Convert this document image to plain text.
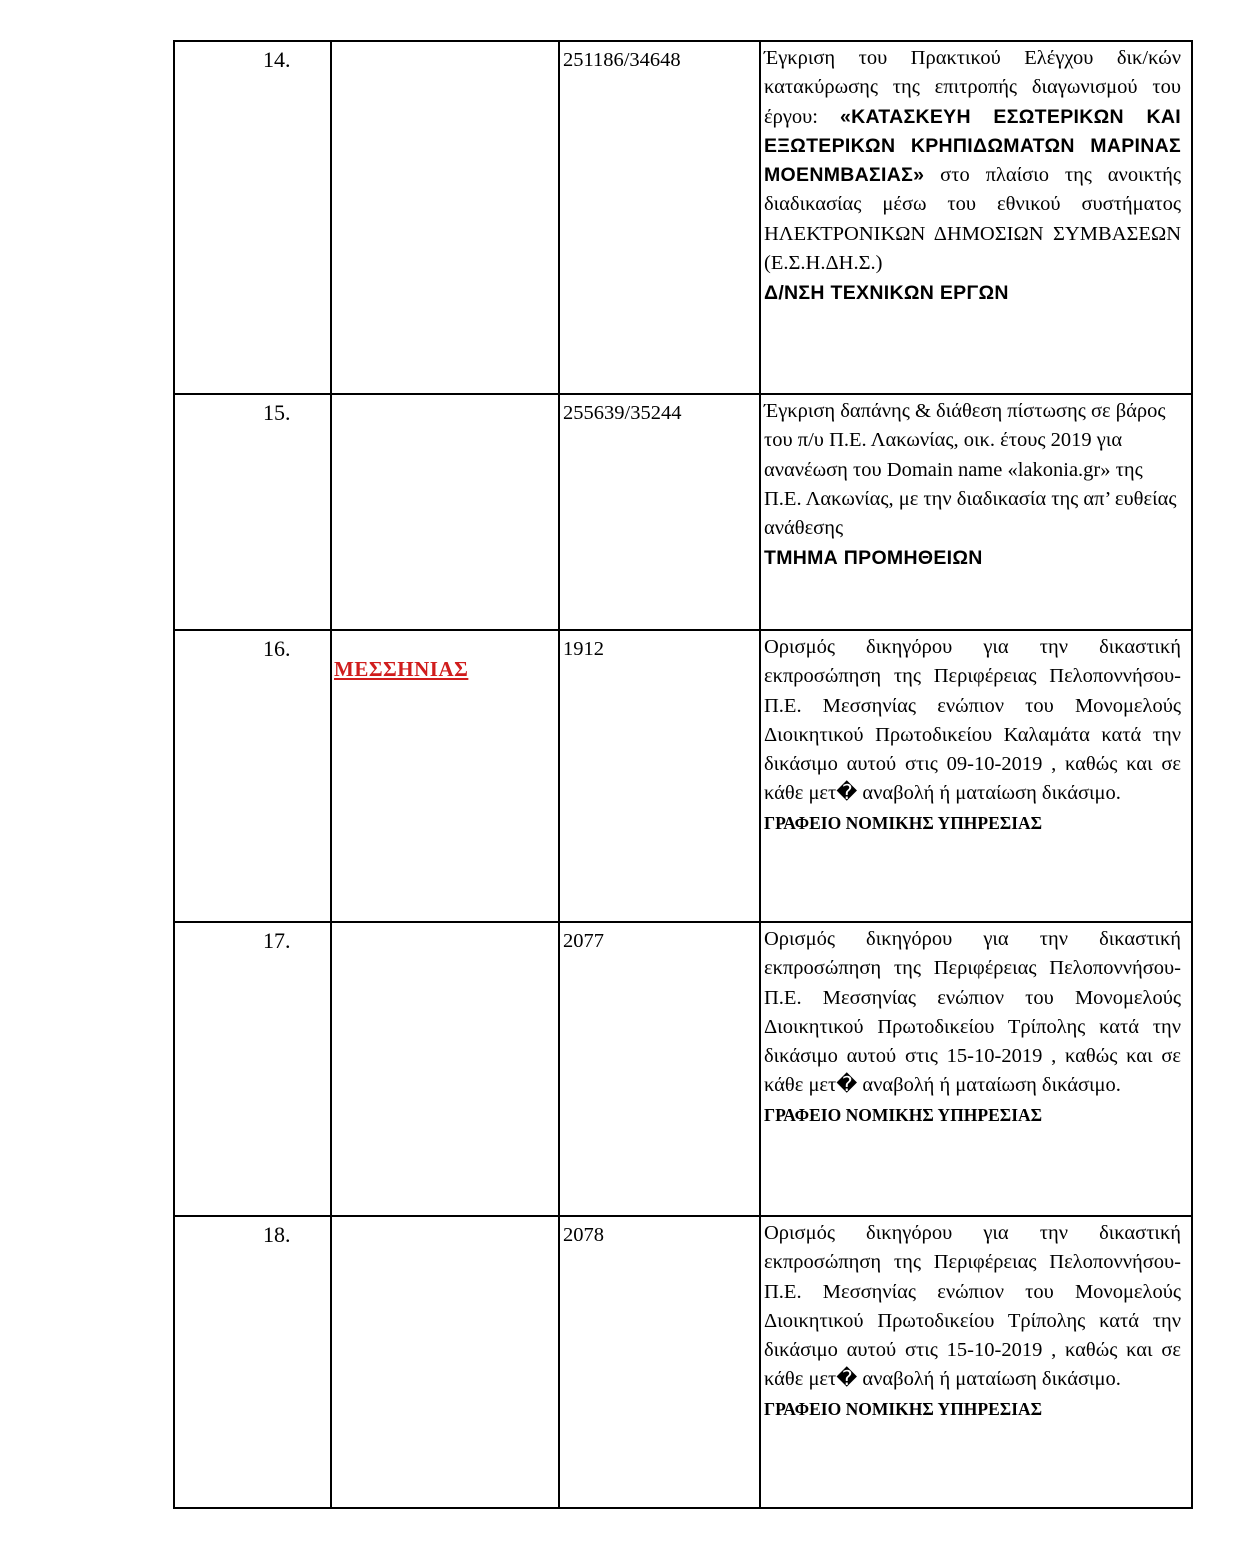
14.		251186/34648	Έγκριση του Πρακτικού Ελέγχου δικ/κών κατακύρωσης της επιτροπής διαγωνισμού του έργου: «ΚΑΤΑΣΚΕΥΗ ΕΣΩΤΕΡΙΚΩΝ ΚΑΙ ΕΞΩΤΕΡΙΚΩΝ ΚΡΗΠΙΔΩΜΑΤΩΝ ΜΑΡΙΝΑΣ ΜΟΕΝΜΒΑΣΙΑΣ» στο πλαίσιο της ανοικτής διαδικασίας μέσω του εθνικού συστήματος ΗΛΕΚΤΡΟΝΙΚΩΝ ΔΗΜΟΣΙΩΝ ΣΥΜΒΑΣΕΩΝ (Ε.Σ.Η.ΔΗ.Σ.)
Δ/ΝΣΗ ΤΕΧΝΙΚΩΝ ΕΡΓΩΝ

15.		255639/35244	Έγκριση δαπάνης & διάθεση πίστωσης σε βάρος του π/υ Π.Ε. Λακωνίας, οικ. έτους 2019 για ανανέωση του Domain name «lakonia.gr» της Π.Ε. Λακωνίας, με την διαδικασία της απ’ ευθείας ανάθεσης
ΤΜΗΜΑ ΠΡΟΜΗΘΕΙΩΝ

16.	ΜΕΣΣΗΝΙΑΣ	1912	Ορισμός δικηγόρου για την δικαστική εκπροσώπηση της Περιφέρειας Πελοποννήσου-Π.Ε. Μεσσηνίας ενώπιον του Μονομελούς Διοικητικού Πρωτοδικείου Καλαμάτα κατά την δικάσιμο αυτού στις 09-10-2019 , καθώς και σε κάθε μετ� αναβολή ή ματαίωση δικάσιμο.
ΓΡΑΦΕΙΟ ΝΟΜΙΚΗΣ ΥΠΗΡΕΣΙΑΣ

17.		2077	Ορισμός δικηγόρου για την δικαστική εκπροσώπηση της Περιφέρειας Πελοποννήσου-Π.Ε. Μεσσηνίας ενώπιον του Μονομελούς Διοικητικού Πρωτοδικείου Τρίπολης κατά την δικάσιμο αυτού στις 15-10-2019 , καθώς και σε κάθε μετ� αναβολή ή ματαίωση δικάσιμο.
ΓΡΑΦΕΙΟ ΝΟΜΙΚΗΣ ΥΠΗΡΕΣΙΑΣ

18.		2078	Ορισμός δικηγόρου για την δικαστική εκπροσώπηση της Περιφέρειας Πελοποννήσου-Π.Ε. Μεσσηνίας ενώπιον του Μονομελούς Διοικητικού Πρωτοδικείου Τρίπολης κατά την δικάσιμο αυτού στις 15-10-2019 , καθώς και σε κάθε μετ� αναβολή ή ματαίωση δικάσιμο.
ΓΡΑΦΕΙΟ ΝΟΜΙΚΗΣ ΥΠΗΡΕΣΙΑΣ
